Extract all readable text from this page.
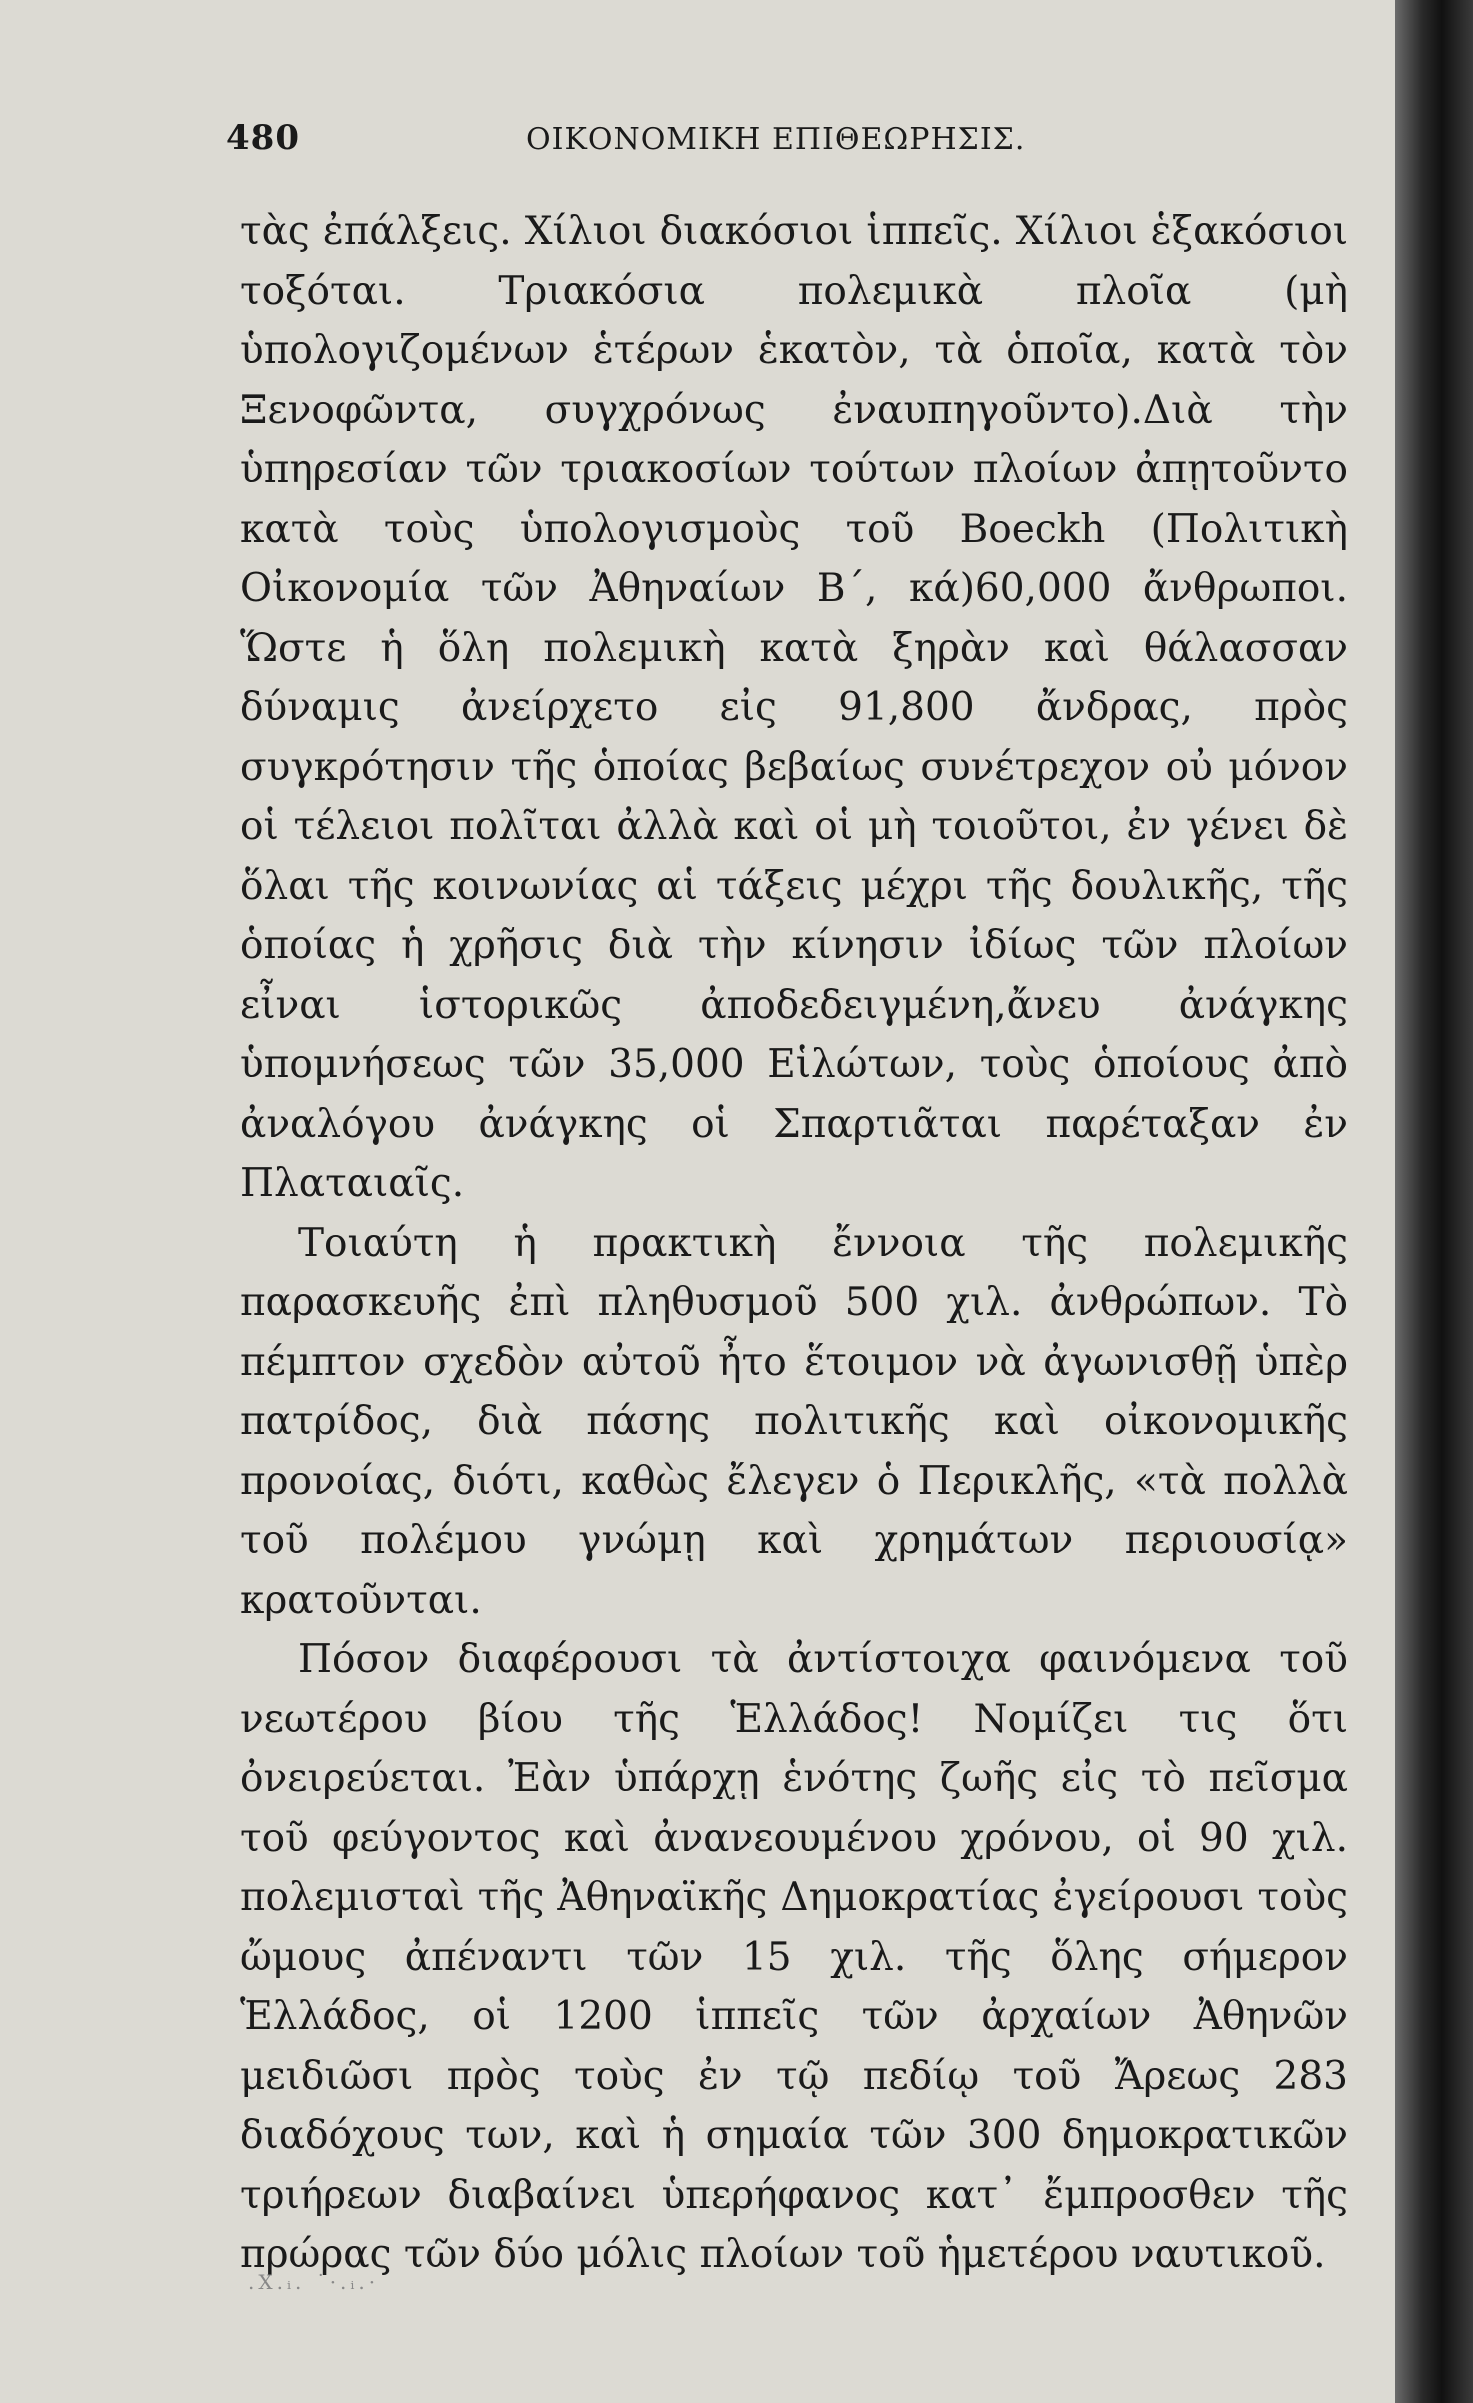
480	ΟΙΚΟΝΟΜΙΚΗ ΕΠΙΘΕΩΡΗΣΙΣ.

τὰς ἐπάλξεις. Χίλιοι διακόσιοι ἱππεῖς. Χίλιοι ἑξακόσιοι τοξόται. Τριακόσια πολεμικὰ πλοῖα (μὴ ὑπολογιζομένων ἑτέρων ἑκατὸν, τὰ ὁποῖα, κατὰ τὸν Ξενοφῶντα, συγχρόνως ἐναυπηγοῦντο).Διὰ τὴν ὑπηρεσίαν τῶν τριακοσίων τούτων πλοίων ἀπῃτοῦντο κατὰ τοὺς ὑπολογισμοὺς τοῦ Boeckh (Πολιτικὴ Οἰκονομία τῶν Ἀθηναίων Β΄, κά)60,000 ἄνθρωποι. Ὥστε ἡ ὅλη πολεμικὴ κατὰ ξηρὰν καὶ θάλασσαν δύναμις ἀνείρχετο εἰς 91,800 ἄνδρας, πρὸς συγκρότησιν τῆς ὁποίας βεβαίως συνέτρεχον οὐ μόνον οἱ τέλειοι πολῖται ἀλλὰ καὶ οἱ μὴ τοιοῦτοι, ἐν γένει δὲ ὅλαι τῆς κοινωνίας αἱ τάξεις μέχρι τῆς δουλικῆς, τῆς ὁποίας ἡ χρῆσις διὰ τὴν κίνησιν ἰδίως τῶν πλοίων εἶναι ἱστορικῶς ἀποδεδειγμένη,ἄνευ ἀνάγκης ὑπομνήσεως τῶν 35,000 Εἱλώτων, τοὺς ὁποίους ἀπὸ ἀναλόγου ἀνάγκης οἱ Σπαρτιᾶται παρέταξαν ἐν Πλαταιαῖς.

Τοιαύτη ἡ πρακτικὴ ἔννοια τῆς πολεμικῆς παρασκευῆς ἐπὶ πληθυσμοῦ 500 χιλ. ἀνθρώπων. Τὸ πέμπτον σχεδὸν αὐτοῦ ἦτο ἕτοιμον νὰ ἀγωνισθῇ ὑπὲρ πατρίδος, διὰ πάσης πολιτικῆς καὶ οἰκονομικῆς προνοίας, διότι, καθὼς ἔλεγεν ὁ Περικλῆς, «τὰ πολλὰ τοῦ πολέμου γνώμῃ καὶ χρημάτων περιουσίᾳ» κρατοῦνται.

Πόσον διαφέρουσι τὰ ἀντίστοιχα φαινόμενα τοῦ νεωτέρου βίου τῆς Ἑλλάδος! Νομίζει τις ὅτι ὀνειρεύεται. Ἐὰν ὑπάρχῃ ἑνότης ζωῆς εἰς τὸ πεῖσμα τοῦ φεύγοντος καὶ ἀνανεουμένου χρόνου, οἱ 90 χιλ. πολεμισταὶ τῆς Ἀθηναϊκῆς Δημοκρατίας ἐγείρουσι τοὺς ὤμους ἀπέναντι τῶν 15 χιλ. τῆς ὅλης σήμερον Ἑλλάδος, οἱ 1200 ἱππεῖς τῶν ἀρχαίων Ἀθηνῶν μειδιῶσι πρὸς τοὺς ἐν τῷ πεδίῳ τοῦ Ἄρεως 283 διαδόχους των, καὶ ἡ σημαία τῶν 300 δημοκρατικῶν τριήρεων διαβαίνει ὑπερήφανος κατ᾽ ἔμπροσθεν τῆς πρώρας τῶν δύο μόλις πλοίων τοῦ ἡμετέρου ναυτικοῦ.

.Χ.ᵢ. ˙·.ᵢ.·
